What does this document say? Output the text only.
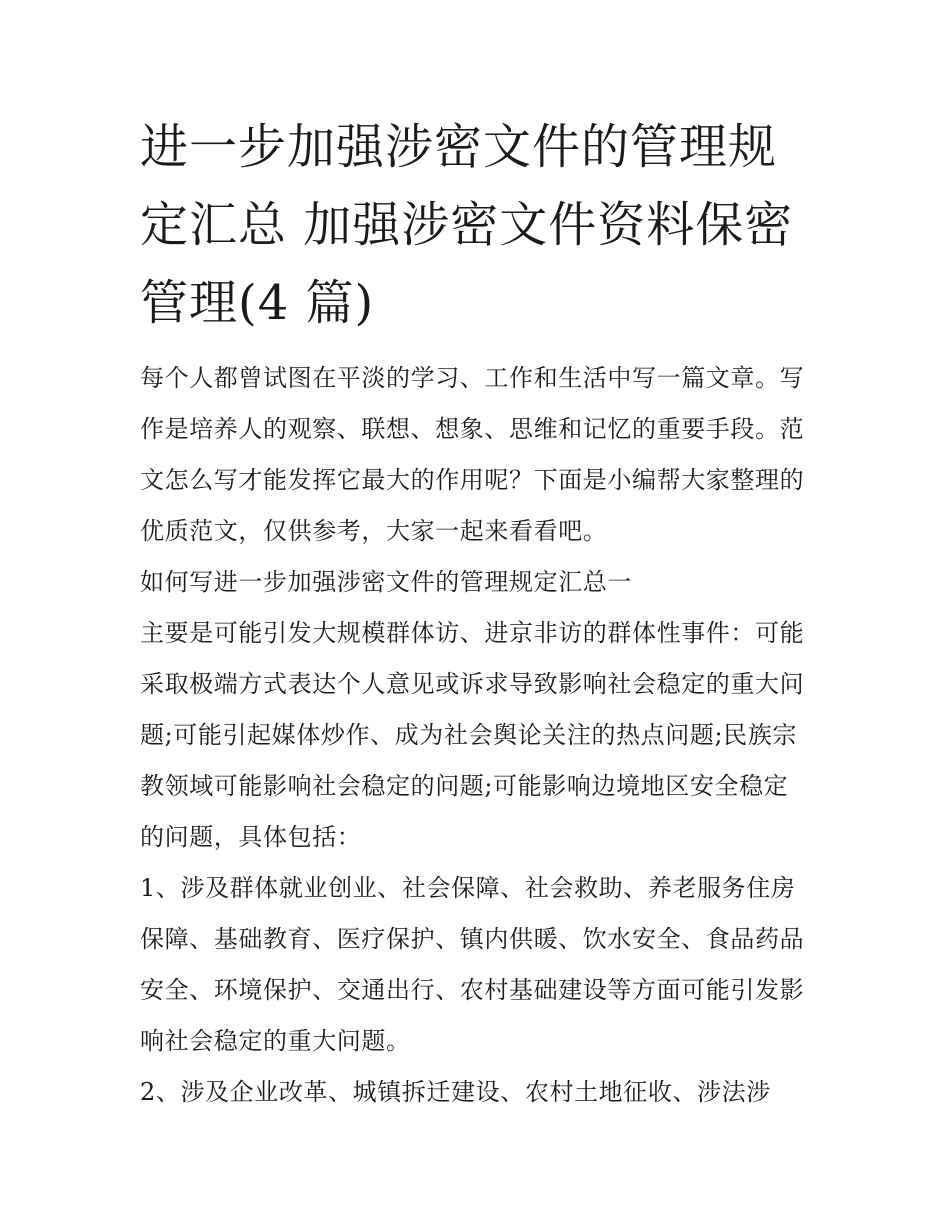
进一步加强涉密文件的管理规

定汇总 加强涉密文件资料保密

管理(4 篇)

每个人都曾试图在平淡的学习、工作和生活中写一篇文章。写

作是培养人的观察、联想、想象、思维和记忆的重要手段。范

文怎么写才能发挥它最大的作用呢？下面是小编帮大家整理的

优质范文，仅供参考，大家一起来看看吧。

如何写进一步加强涉密文件的管理规定汇总一

主要是可能引发大规模群体访、进京非访的群体性事件：可能

采取极端方式表达个人意见或诉求导致影响社会稳定的重大问

题;可能引起媒体炒作、成为社会舆论关注的热点问题;民族宗

教领域可能影响社会稳定的问题;可能影响边境地区安全稳定

的问题，具体包括：

1、涉及群体就业创业、社会保障、社会救助、养老服务住房

保障、基础教育、医疗保护、镇内供暖、饮水安全、食品药品

安全、环境保护、交通出行、农村基础建设等方面可能引发影

响社会稳定的重大问题。

2、涉及企业改革、城镇拆迁建设、农村土地征收、涉法涉
